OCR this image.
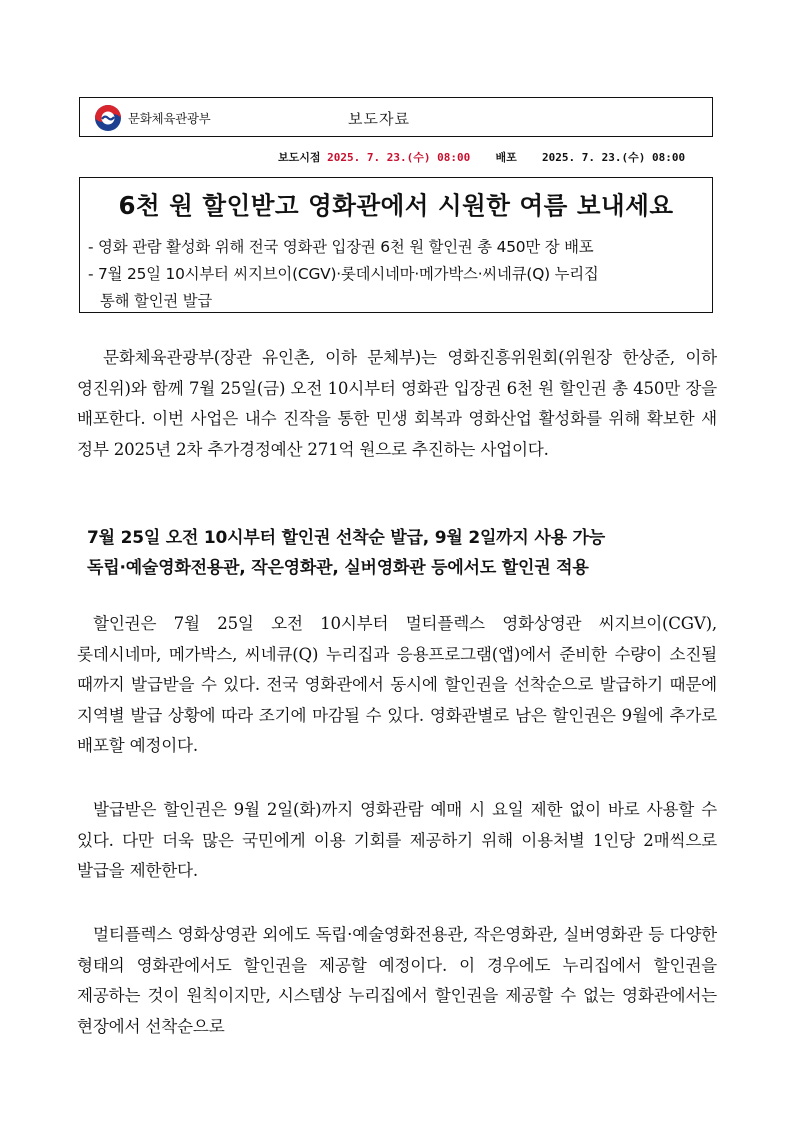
문화체육관광부	보도자료
보도시점 2025. 7. 23.(수) 08:00 배포 2025. 7. 23.(수) 08:00
6천 원 할인받고 영화관에서 시원한 여름 보내세요
- 영화 관람 활성화 위해 전국 영화관 입장권 6천 원 할인권 총 450만 장 배포
- 7월 25일 10시부터 씨지브이(CGV)·롯데시네마·메가박스·씨네큐(Q) 누리집
통해 할인권 발급

문화체육관광부(장관 유인촌, 이하 문체부)는 영화진흥위원회(위원장 한상준, 이하 영진위)와 함께 7월 25일(금) 오전 10시부터 영화관 입장권 6천 원 할인권 총 450만 장을 배포한다. 이번 사업은 내수 진작을 통한 민생 회복과 영화산업 활성화를 위해 확보한 새 정부 2025년 2차 추가경정예산 271억 원으로 추진하는 사업이다.

7월 25일 오전 10시부터 할인권 선착순 발급, 9월 2일까지 사용 가능
독립·예술영화전용관, 작은영화관, 실버영화관 등에서도 할인권 적용

할인권은 7월 25일 오전 10시부터 멀티플렉스 영화상영관 씨지브이(CGV), 롯데시네마, 메가박스, 씨네큐(Q) 누리집과 응용프로그램(앱)에서 준비한 수량이 소진될 때까지 발급받을 수 있다. 전국 영화관에서 동시에 할인권을 선착순으로 발급하기 때문에 지역별 발급 상황에 따라 조기에 마감될 수 있다. 영화관별로 남은 할인권은 9월에 추가로 배포할 예정이다.

발급받은 할인권은 9월 2일(화)까지 영화관람 예매 시 요일 제한 없이 바로 사용할 수 있다. 다만 더욱 많은 국민에게 이용 기회를 제공하기 위해 이용처별 1인당 2매씩으로 발급을 제한한다.

멀티플렉스 영화상영관 외에도 독립·예술영화전용관, 작은영화관, 실버영화관 등 다양한 형태의 영화관에서도 할인권을 제공할 예정이다. 이 경우에도 누리집에서 할인권을 제공하는 것이 원칙이지만, 시스템상 누리집에서 할인권을 제공할 수 없는 영화관에서는 현장에서 선착순으로
